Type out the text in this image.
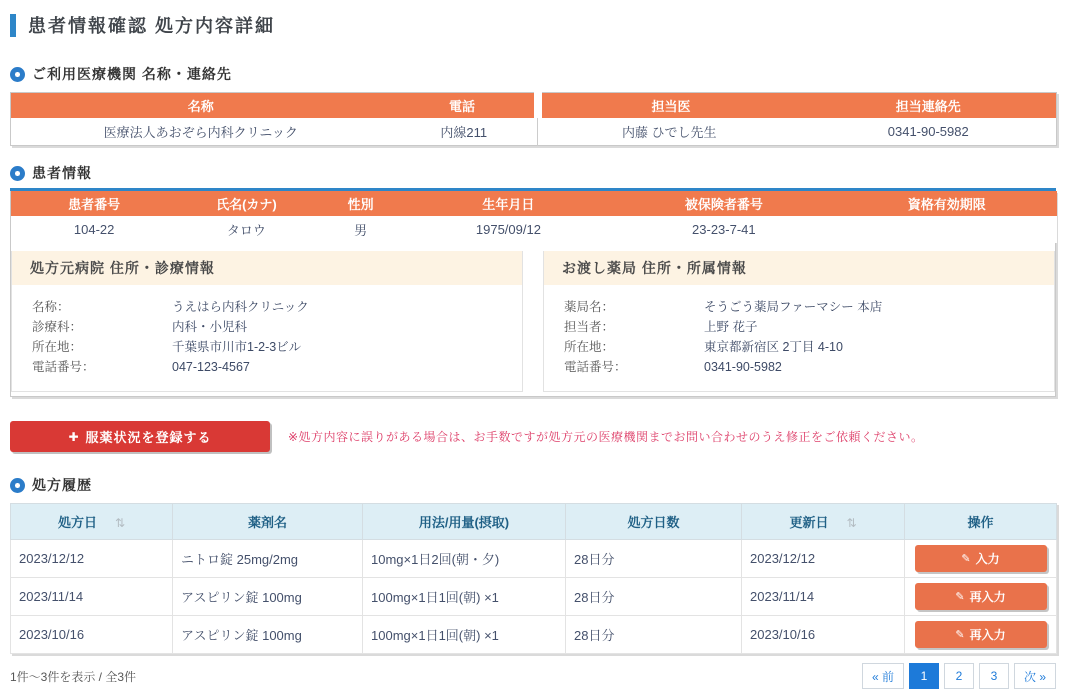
患者情報確認 処方内容詳細
ご利用医療機関 名称・連絡先
名称	電話	担当医	担当連絡先
医療法人あおぞら内科クリニック	内線211	内藤 ひでし先生	0341-90-5982
患者情報
患者番号	氏名(カナ)	性別	生年月日	被保険者番号	資格有効期限
104-22	タロウ	男	1975/09/12	23-23-7-41	
処方元病院 住所・診療情報
名称：	うえはら内科クリニック
診療科：	内科・小児科
所在地：	千葉県市川市1-2-3ビル
電話番号：	047-123-4567
お渡し薬局 住所・所属情報
薬局名：	そうごう薬局ファーマシー 本店
担当者：	上野 花子
所在地：	東京都新宿区 2丁目 4-10
電話番号：	0341-90-5982
✚ 服薬状況を登録する	※処方内容に誤りがある場合は、お手数ですが処方元の医療機関までお問い合わせのうえ修正をご依頼ください。
処方履歴
処方日 ⇅	薬剤名	用法/用量(摂取)	処方日数	更新日 ⇅	操作
2023/12/12	ニトロ錠 25mg/2mg	10mg×1日2回(朝・夕)	28日分	2023/12/12	✎ 入力

2023/11/14	アスピリン錠 100mg	100mg×1日1回(朝) ×1	28日分	2023/11/14	✎ 再入力

2023/10/16	アスピリン錠 100mg	100mg×1日1回(朝) ×1	28日分	2023/10/16	✎ 再入力
1件〜3件を表示 / 全3件	« 前	1	2	3	次 »
